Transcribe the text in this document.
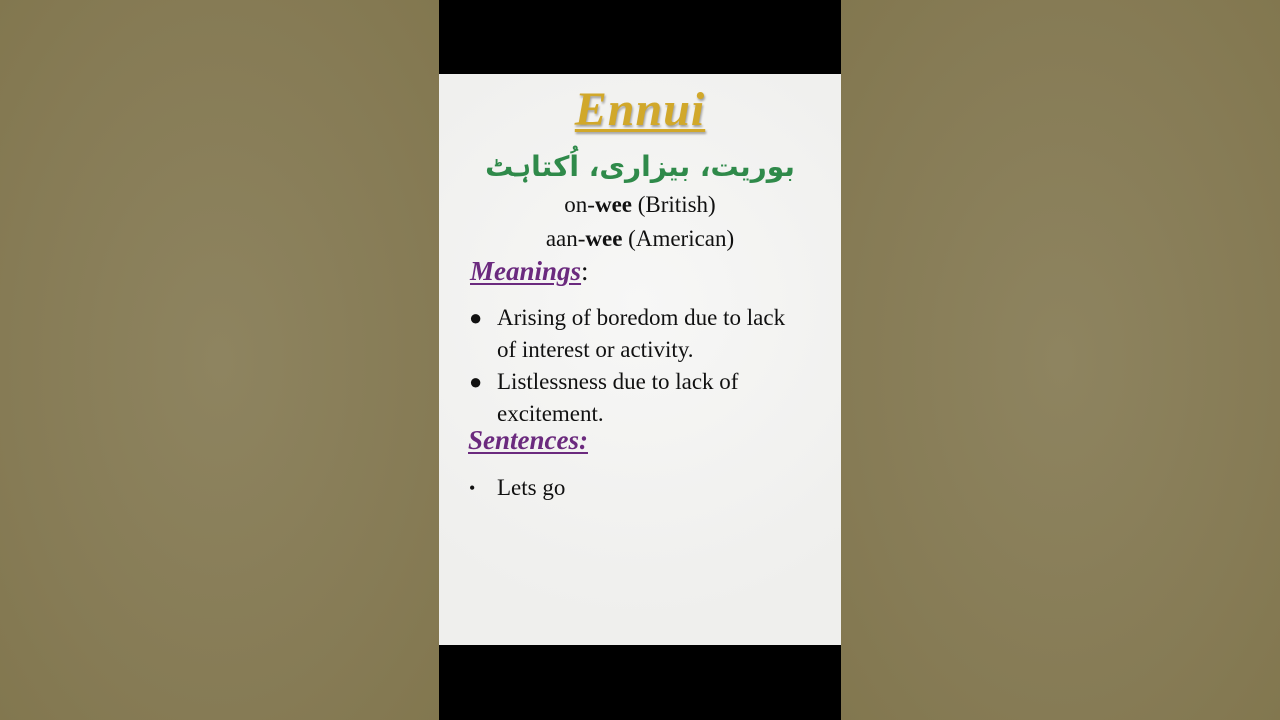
Ennui
بوریت، بیزاری، اُکتاہٹ
on-wee (British)
aan-wee (American)
Meanings:
● Arising of boredom due to lack of interest or activity.
● Listlessness due to lack of excitement.
Sentences:
• Lets go
